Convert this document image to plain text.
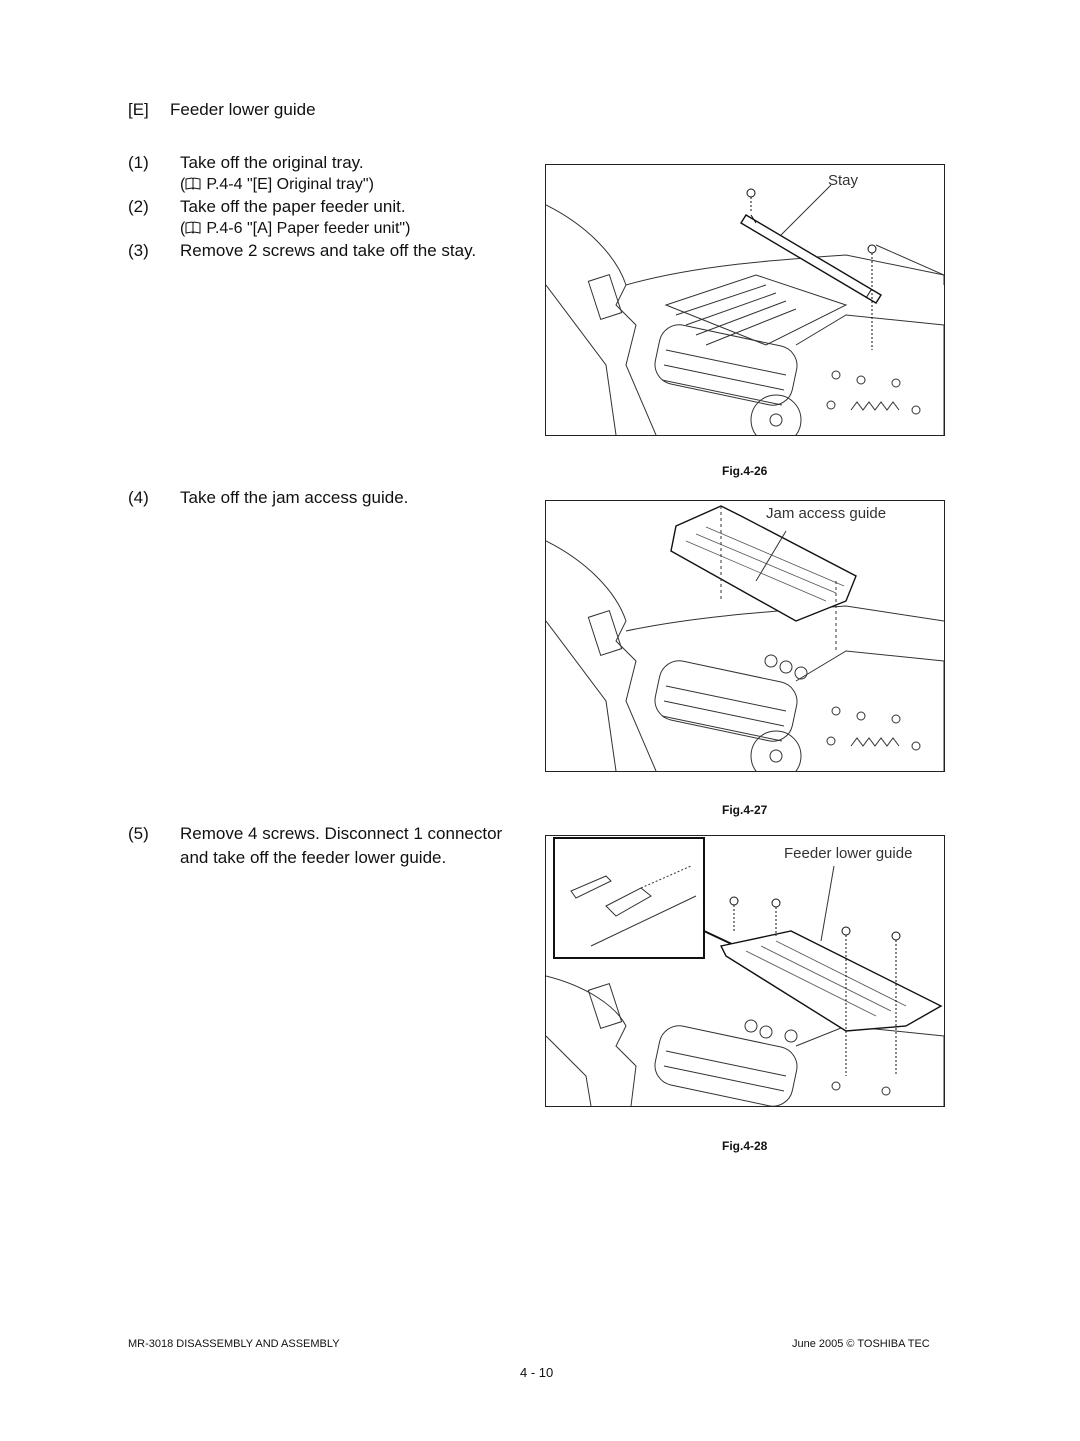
[E] Feeder lower guide
(1) Take off the original tray.
( P.4-4 "[E] Original tray")
(2) Take off the paper feeder unit.
( P.4-6 "[A] Paper feeder unit")
(3) Remove 2 screws and take off the stay.
(4) Take off the jam access guide.
(5) Remove 4 screws. Disconnect 1 connector
and take off the feeder lower guide.
Stay
Fig.4-26
Jam access guide
Fig.4-27
Feeder lower guide
Fig.4-28
MR-3018 DISASSEMBLY AND ASSEMBLY	June 2005 © TOSHIBA TEC
4 - 10
